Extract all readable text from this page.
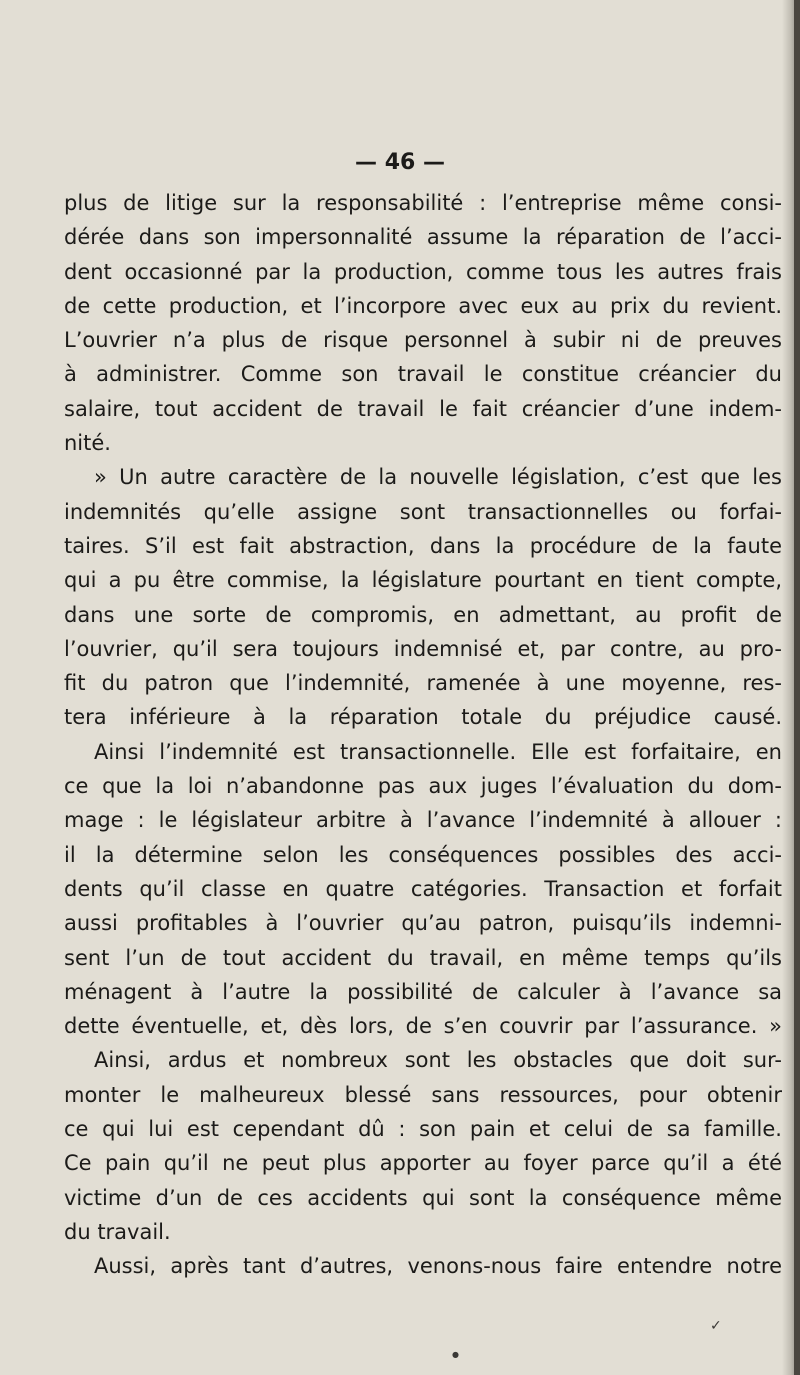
— 46 —
plus de litige sur la responsabilité : l’entreprise même consi-
dérée dans son impersonnalité assume la réparation de l’acci-
dent occasionné par la production, comme tous les autres frais
de cette production, et l’incorpore avec eux au prix du revient.
L’ouvrier n’a plus de risque personnel à subir ni de preuves
à administrer. Comme son travail le constitue créancier du
salaire, tout accident de travail le fait créancier d’une indem-
nité.
» Un autre caractère de la nouvelle législation, c’est que les
indemnités qu’elle assigne sont transactionnelles ou forfai-
taires. S’il est fait abstraction, dans la procédure de la faute
qui a pu être commise, la législature pourtant en tient compte,
dans une sorte de compromis, en admettant, au profit de
l’ouvrier, qu’il sera toujours indemnisé et, par contre, au pro-
fit du patron que l’indemnité, ramenée à une moyenne, res-
tera inférieure à la réparation totale du préjudice causé.
Ainsi l’indemnité est transactionnelle. Elle est forfaitaire, en
ce que la loi n’abandonne pas aux juges l’évaluation du dom-
mage : le législateur arbitre à l’avance l’indemnité à allouer :
il la détermine selon les conséquences possibles des acci-
dents qu’il classe en quatre catégories. Transaction et forfait
aussi profitables à l’ouvrier qu’au patron, puisqu’ils indemni-
sent l’un de tout accident du travail, en même temps qu’ils
ménagent à l’autre la possibilité de calculer à l’avance sa
dette éventuelle, et, dès lors, de s’en couvrir par l’assurance. »
Ainsi, ardus et nombreux sont les obstacles que doit sur-
monter le malheureux blessé sans ressources, pour obtenir
ce qui lui est cependant dû : son pain et celui de sa famille.
Ce pain qu’il ne peut plus apporter au foyer parce qu’il a été
victime d’un de ces accidents qui sont la conséquence même
du travail.
Aussi, après tant d’autres, venons-nous faire entendre notre
✓
●
